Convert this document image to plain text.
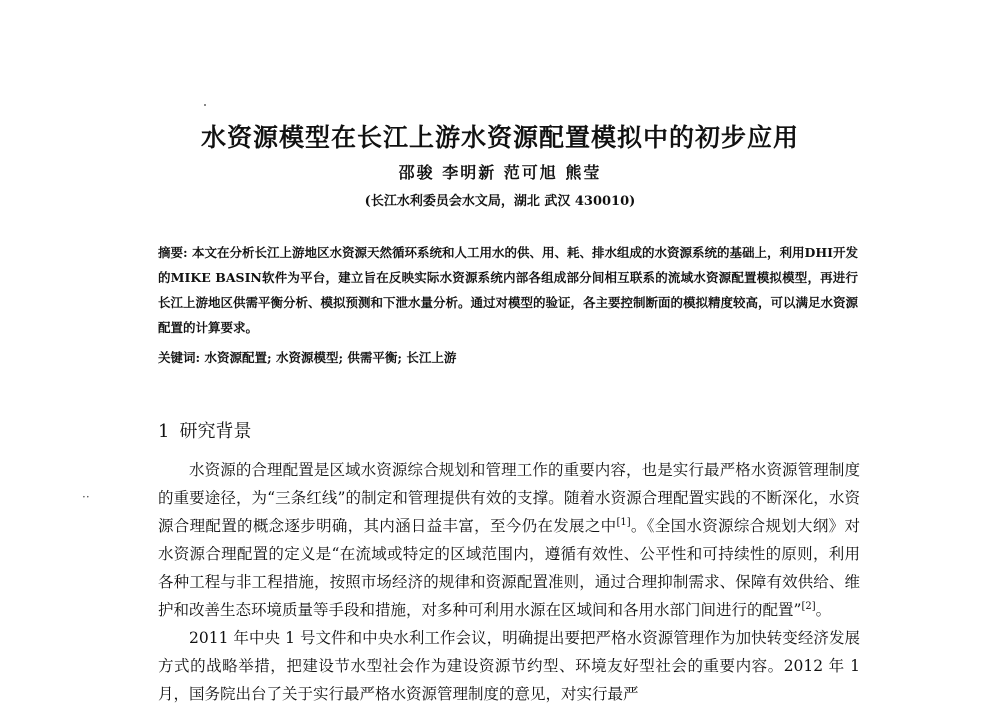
水资源模型在长江上游水资源配置模拟中的初步应用
邵骏 李明新 范可旭 熊莹
(长江水利委员会水文局，湖北 武汉 430010)
摘要: 本文在分析长江上游地区水资源天然循环系统和人工用水的供、用、耗、排水组成的水资源系统的基础上，利用DHI开发的MIKE BASIN软件为平台，建立旨在反映实际水资源系统内部各组成部分间相互联系的流域水资源配置模拟模型，再进行长江上游地区供需平衡分析、模拟预测和下泄水量分析。通过对模型的验证，各主要控制断面的模拟精度较高，可以满足水资源配置的计算要求。
关键词: 水资源配置; 水资源模型; 供需平衡; 长江上游
1 研究背景
··

水资源的合理配置是区域水资源综合规划和管理工作的重要内容，也是实行最严格水资源管理制度的重要途径，为“三条红线”的制定和管理提供有效的支撑。随着水资源合理配置实践的不断深化，水资源合理配置的概念逐步明确，其内涵日益丰富，至今仍在发展之中[1]。《全国水资源综合规划大纲》对水资源合理配置的定义是“在流域或特定的区域范围内，遵循有效性、公平性和可持续性的原则，利用各种工程与非工程措施，按照市场经济的规律和资源配置准则，通过合理抑制需求、保障有效供给、维护和改善生态环境质量等手段和措施，对多种可利用水源在区域间和各用水部门间进行的配置”[2]。

2011 年中央 1 号文件和中央水利工作会议，明确提出要把严格水资源管理作为加快转变经济发展方式的战略举措，把建设节水型社会作为建设资源节约型、环境友好型社会的重要内容。2012 年 1 月，国务院出台了关于实行最严格水资源管理制度的意见，对实行最严
